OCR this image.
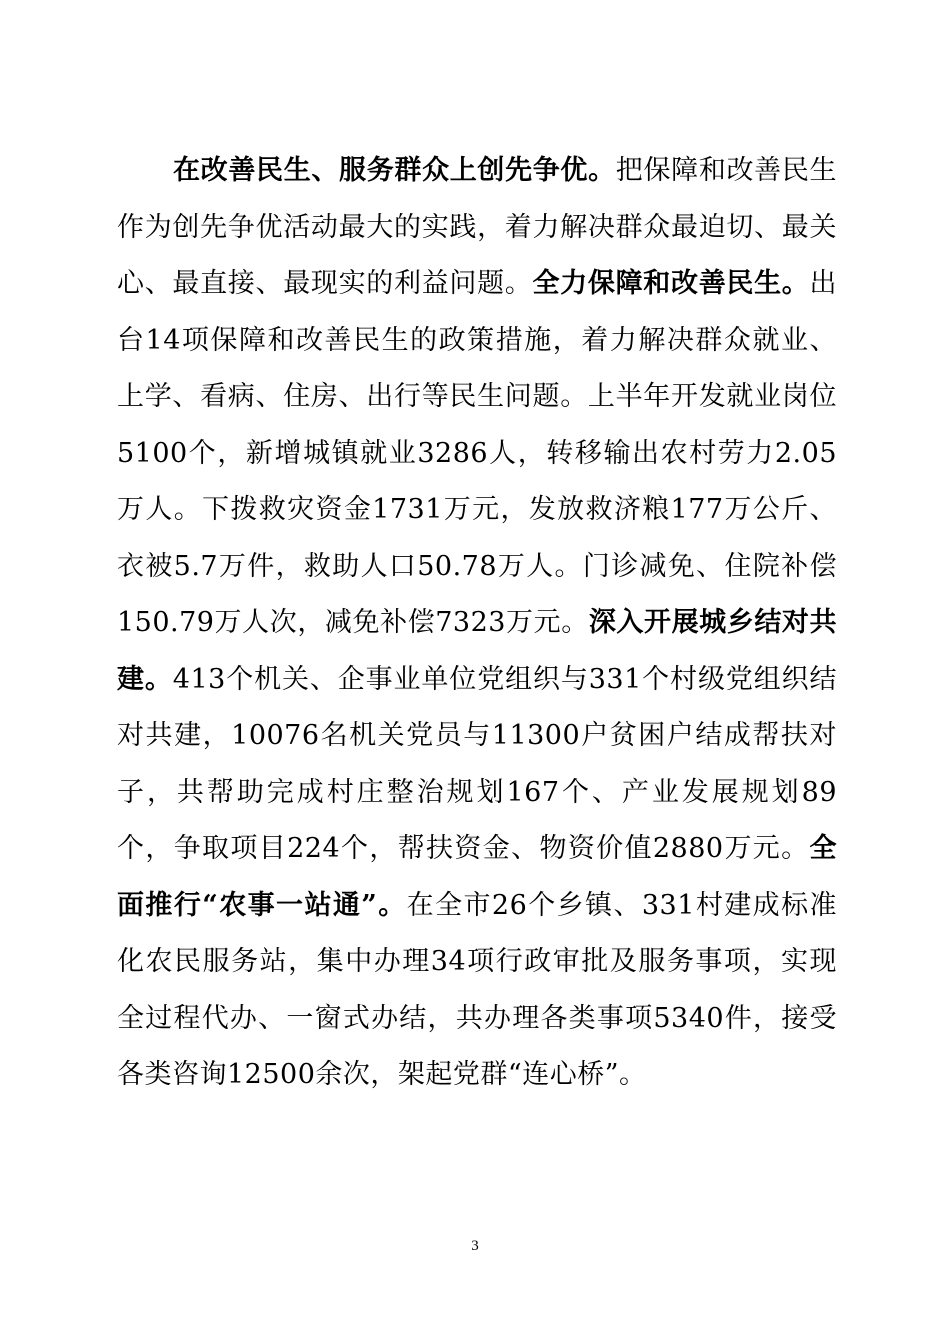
在改善民生、服务群众上创先争优。把保障和改善民生作为创先争优活动最大的实践，着力解决群众最迫切、最关心、最直接、最现实的利益问题。全力保障和改善民生。出台14项保障和改善民生的政策措施，着力解决群众就业、上学、看病、住房、出行等民生问题。上半年开发就业岗位5100个，新增城镇就业3286人，转移输出农村劳力2.05万人。下拨救灾资金1731万元，发放救济粮177万公斤、衣被5.7万件，救助人口50.78万人。门诊减免、住院补偿150.79万人次，减免补偿7323万元。深入开展城乡结对共建。413个机关、企事业单位党组织与331个村级党组织结对共建，10076名机关党员与11300户贫困户结成帮扶对子，共帮助完成村庄整治规划167个、产业发展规划89个，争取项目224个，帮扶资金、物资价值2880万元。全面推行“农事一站通”。在全市26个乡镇、331村建成标准化农民服务站，集中办理34项行政审批及服务事项，实现全过程代办、一窗式办结，共办理各类事项5340件，接受各类咨询12500余次，架起党群“连心桥”。

3
